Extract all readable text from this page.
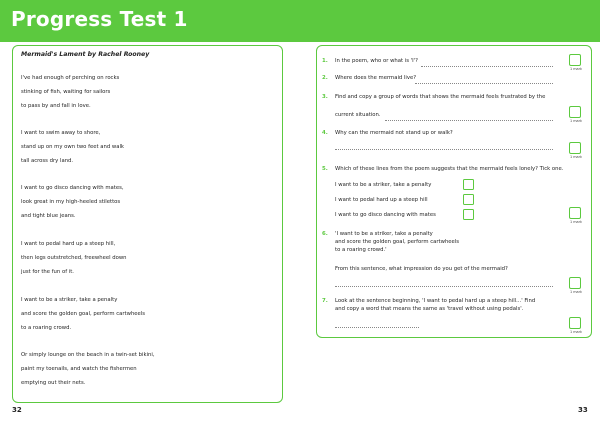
Progress Test 1
Mermaid's Lament by Rachel Rooney
I've had enough of perching on rocks
stinking of fish, waiting for sailors
to pass by and fall in love.
I want to swim away to shore,
stand up on my own two feet and walk
tall across dry land.
I want to go disco dancing with mates,
look great in my high-heeled stilettos
and tight blue jeans.
I want to pedal hard up a steep hill,
then legs outstretched, freewheel down
just for the fun of it.
I want to be a striker, take a penalty
and score the golden goal, perform cartwheels
to a roaring crowd.
Or simply lounge on the beach in a twin-set bikini,
paint my toenails, and watch the fishermen
emptying out their nets.
1. In the poem, who or what is 'I'?
1 mark
2. Where does the mermaid live?
3. Find and copy a group of words that shows the mermaid feels frustrated by the
current situation.
1 mark
4. Why can the mermaid not stand up or walk?
1 mark
5. Which of these lines from the poem suggests that the mermaid feels lonely? Tick one.
I want to be a striker, take a penalty
I want to pedal hard up a steep hill
I want to go disco dancing with mates
1 mark
6. 'I want to be a striker, take a penalty
and score the golden goal, perform cartwheels
to a roaring crowd.'
From this sentence, what impression do you get of the mermaid?
1 mark
7. Look at the sentence beginning, 'I want to pedal hard up a steep hill...' Find
and copy a word that means the same as 'travel without using pedals'.
1 mark
32	33
